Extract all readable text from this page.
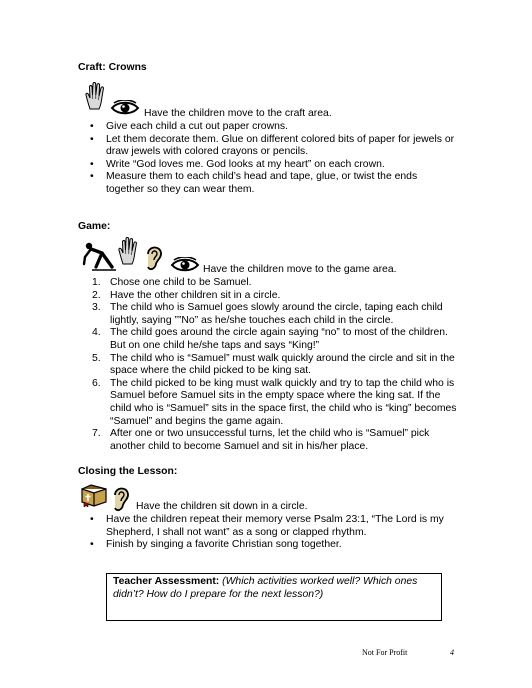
Craft: Crowns
Have the children move to the craft area.
• Give each child a cut out paper crowns.
• Let them decorate them. Glue on different colored bits of paper for jewels or draw jewels with colored crayons or pencils.
• Write “God loves me. God looks at my heart” on each crown.
• Measure them to each child’s head and tape, glue, or twist the ends together so they can wear them.
Game:
Have the children move to the game area.
1. Chose one child to be Samuel.
2. Have the other children sit in a circle.
3. The child who is Samuel goes slowly around the circle, taping each child lightly, saying ””No” as he/she touches each child in the circle.
4. The child goes around the circle again saying “no” to most of the children. But on one child he/she taps and says “King!”
5. The child who is “Samuel” must walk quickly around the circle and sit in the space where the child picked to be king sat.
6. The child picked to be king must walk quickly and try to tap the child who is Samuel before Samuel sits in the empty space where the king sat. If the child who is “Samuel” sits in the space first, the child who is “king” becomes “Samuel” and begins the game again.
7. After one or two unsuccessful turns, let the child who is “Samuel” pick another child to become Samuel and sit in his/her place.
Closing the Lesson:
Have the children sit down in a circle.
• Have the children repeat their memory verse Psalm 23:1, “The Lord is my Shepherd, I shall not want” as a song or clapped rhythm.
• Finish by singing a favorite Christian song together.
Teacher Assessment: (Which activities worked well? Which ones didn’t? How do I prepare for the next lesson?)
Not For Profit	4
